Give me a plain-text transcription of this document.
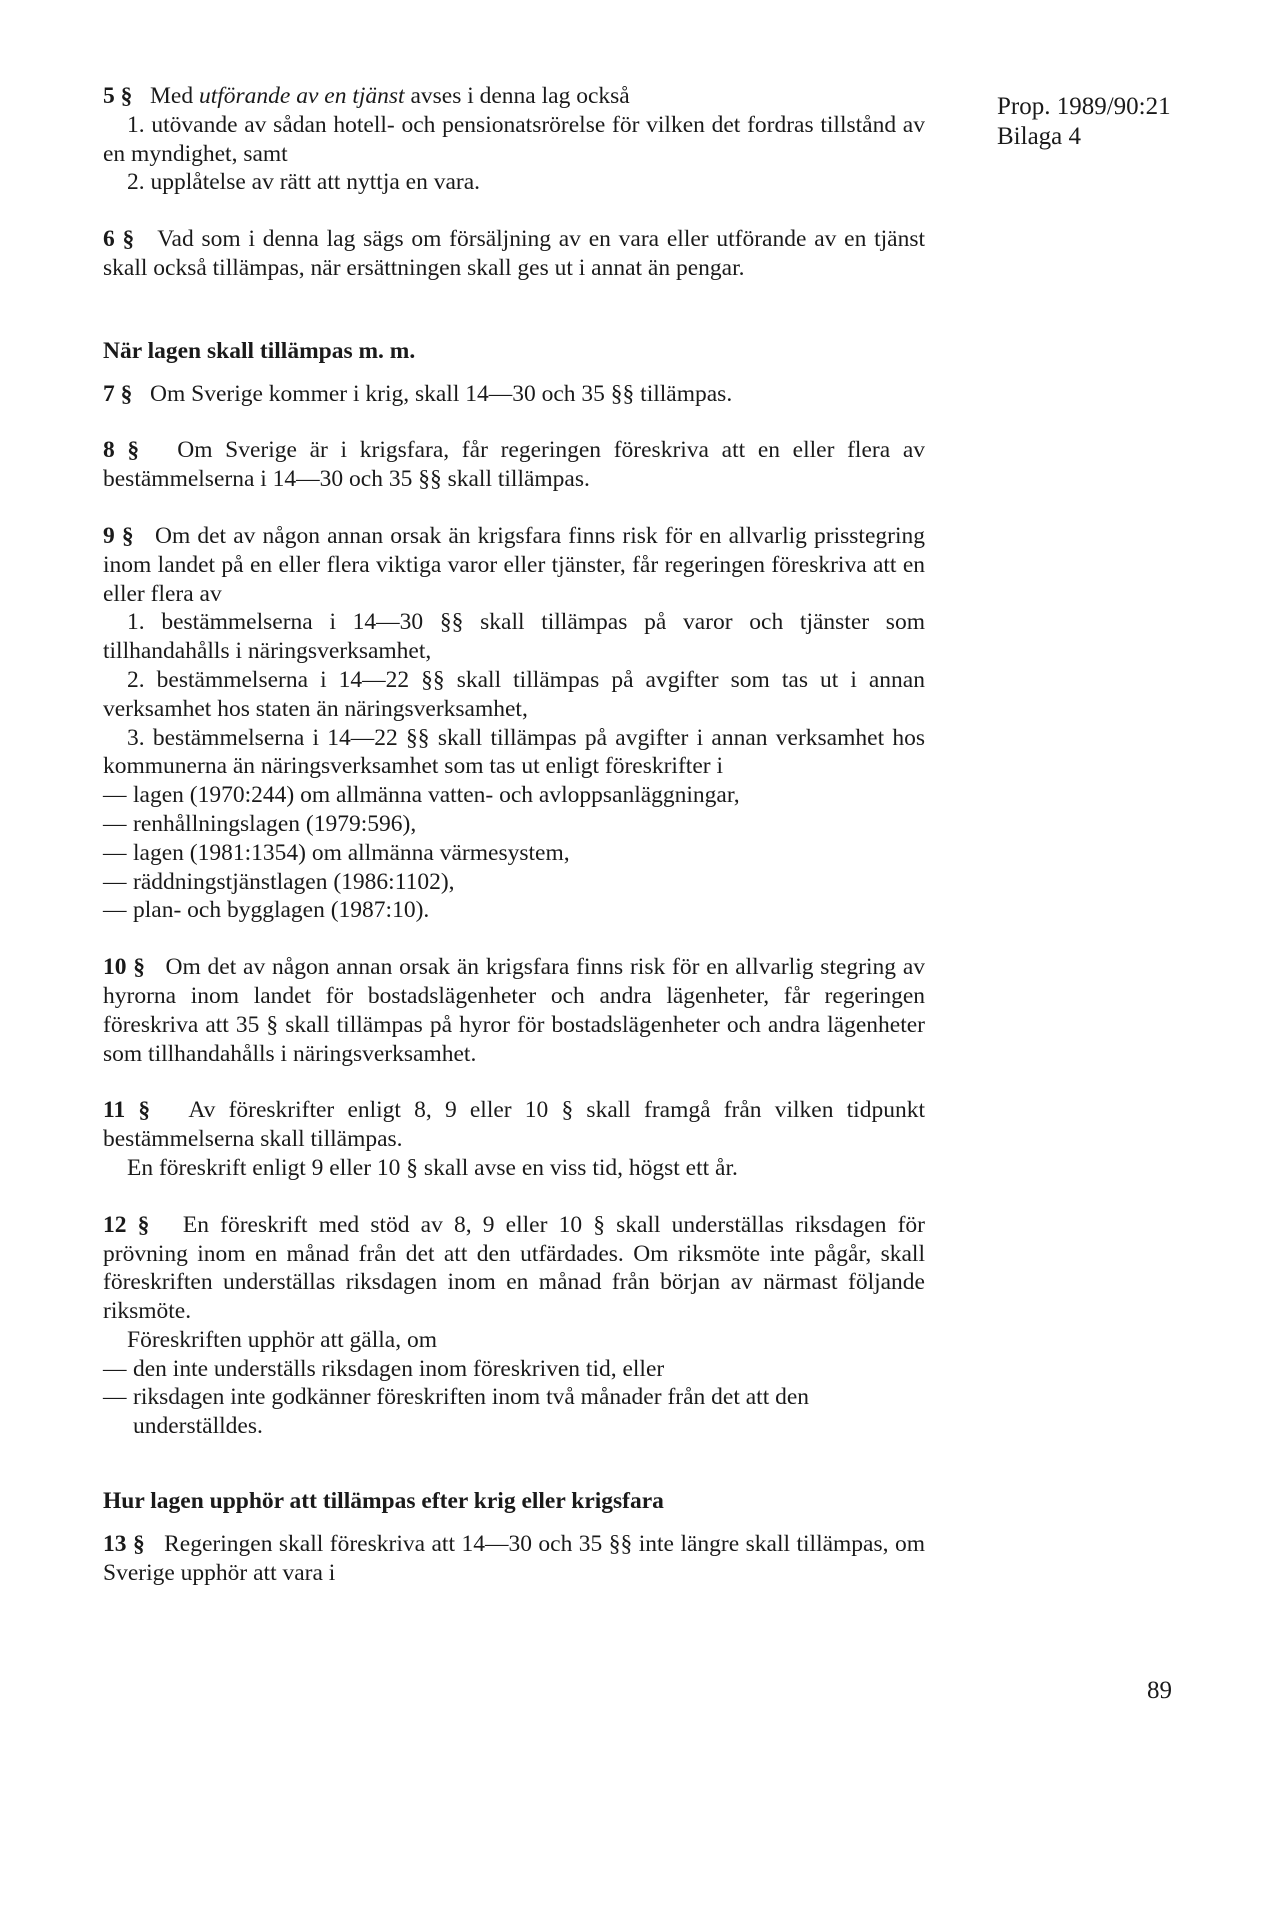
Prop. 1989/90:21
Bilaga 4

5 § Med utförande av en tjänst avses i denna lag också

1. utövande av sådan hotell- och pensionatsrörelse för vilken det fordras tillstånd av en myndighet, samt

2. upplåtelse av rätt att nyttja en vara.

6 § Vad som i denna lag sägs om försäljning av en vara eller utförande av en tjänst skall också tillämpas, när ersättningen skall ges ut i annat än pengar.

När lagen skall tillämpas m. m.

7 § Om Sverige kommer i krig, skall 14—30 och 35 §§ tillämpas.

8 § Om Sverige är i krigsfara, får regeringen föreskriva att en eller flera av bestämmelserna i 14—30 och 35 §§ skall tillämpas.

9 § Om det av någon annan orsak än krigsfara finns risk för en allvarlig prisstegring inom landet på en eller flera viktiga varor eller tjänster, får regeringen föreskriva att en eller flera av

1. bestämmelserna i 14—30 §§ skall tillämpas på varor och tjänster som tillhandahålls i näringsverksamhet,

2. bestämmelserna i 14—22 §§ skall tillämpas på avgifter som tas ut i annan verksamhet hos staten än näringsverksamhet,

3. bestämmelserna i 14—22 §§ skall tillämpas på avgifter i annan verksamhet hos kommunerna än näringsverksamhet som tas ut enligt föreskrifter i

— lagen (1970:244) om allmänna vatten- och avloppsanläggningar,
— renhållningslagen (1979:596),
— lagen (1981:1354) om allmänna värmesystem,
— räddningstjänstlagen (1986:1102),
— plan- och bygglagen (1987:10).

10 § Om det av någon annan orsak än krigsfara finns risk för en allvarlig stegring av hyrorna inom landet för bostadslägenheter och andra lägenheter, får regeringen föreskriva att 35 § skall tillämpas på hyror för bostadslägenheter och andra lägenheter som tillhandahålls i näringsverksamhet.

11 § Av föreskrifter enligt 8, 9 eller 10 § skall framgå från vilken tidpunkt bestämmelserna skall tillämpas.

En föreskrift enligt 9 eller 10 § skall avse en viss tid, högst ett år.

12 § En föreskrift med stöd av 8, 9 eller 10 § skall underställas riksdagen för prövning inom en månad från det att den utfärdades. Om riksmöte inte pågår, skall föreskriften underställas riksdagen inom en månad från början av närmast följande riksmöte.

Föreskriften upphör att gälla, om

— den inte underställs riksdagen inom föreskriven tid, eller
— riksdagen inte godkänner föreskriften inom två månader från det att den underställdes.
Hur lagen upphör att tillämpas efter krig eller krigsfara

13 § Regeringen skall föreskriva att 14—30 och 35 §§ inte längre skall tillämpas, om Sverige upphör att vara i

89
